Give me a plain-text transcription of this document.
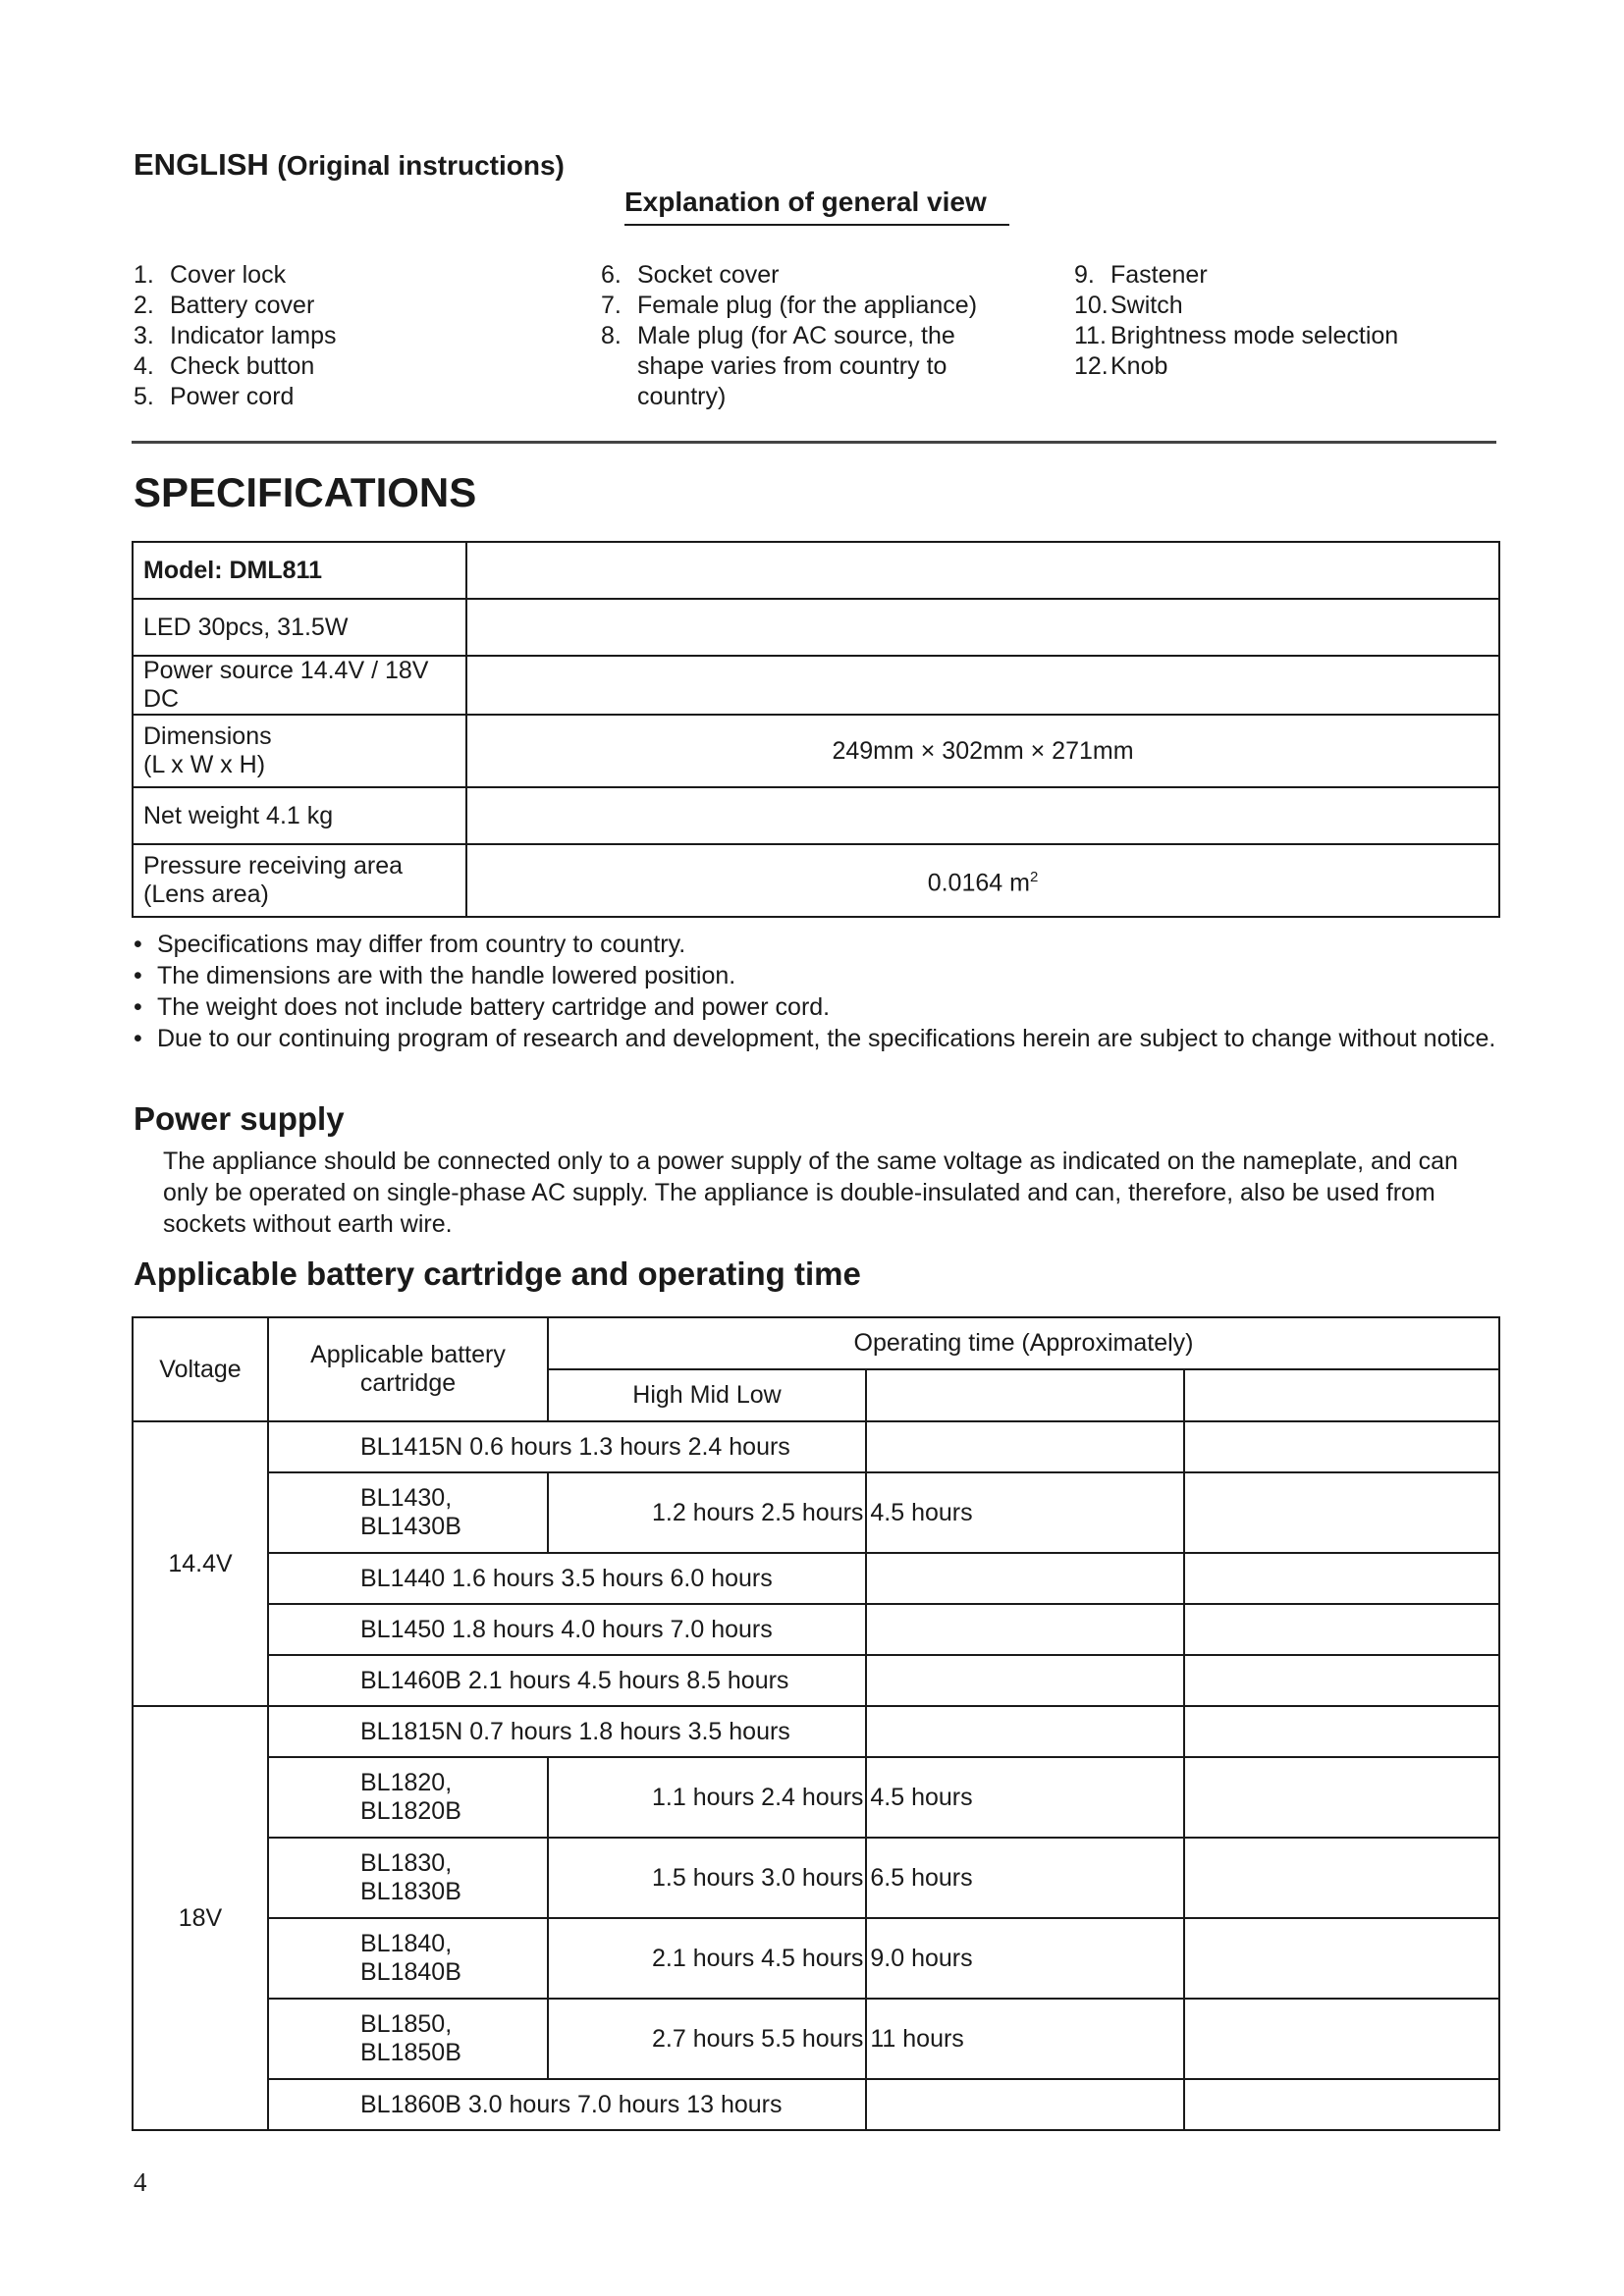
ENGLISH (Original instructions)
Explanation of general view
1. Cover lock
2. Battery cover
3. Indicator lamps
4. Check button
5. Power cord
6. Socket cover
7. Female plug (for the appliance)
8. Male plug (for AC source, the
shape varies from country to
country)
9. Fastener
10. Switch
11. Brightness mode selection
12. Knob
SPECIFICATIONS
Model: DML811	
LED 30pcs, 31.5W	
Power source 14.4V / 18V DC	
Dimensions
(L x W x H)	249mm × 302mm × 271mm
Net weight 4.1 kg	
Pressure receiving area
(Lens area)	0.0164 $m^2$
• Specifications may differ from country to country.
• The dimensions are with the handle lowered position.
• The weight does not include battery cartridge and power cord.
• Due to our continuing program of research and development, the specifications herein are subject to change without notice.
Power supply
The appliance should be connected only to a power supply of the same voltage as indicated on the nameplate, and can only be operated on single-phase AC supply. The appliance is double-insulated and can, therefore, also be used from sockets without earth wire.
Applicable battery cartridge and operating time
Voltage	Applicable battery
cartridge	Operating time (Approximately)		
		High Mid Low		
14.4V	BL1415N 0.6 hours 1.3 hours 2.4 hours			
	BL1430,
BL1430B	1.2 hours 2.5 hours 4.5 hours		
	BL1440 1.6 hours 3.5 hours 6.0 hours			
	BL1450 1.8 hours 4.0 hours 7.0 hours			
	BL1460B 2.1 hours 4.5 hours 8.5 hours			
18V	BL1815N 0.7 hours 1.8 hours 3.5 hours			
	BL1820,
BL1820B	1.1 hours 2.4 hours 4.5 hours		
	BL1830,
BL1830B	1.5 hours 3.0 hours 6.5 hours		
	BL1840,
BL1840B	2.1 hours 4.5 hours 9.0 hours		
	BL1850,
BL1850B	2.7 hours 5.5 hours 11 hours		
	BL1860B 3.0 hours 7.0 hours 13 hours			
4
